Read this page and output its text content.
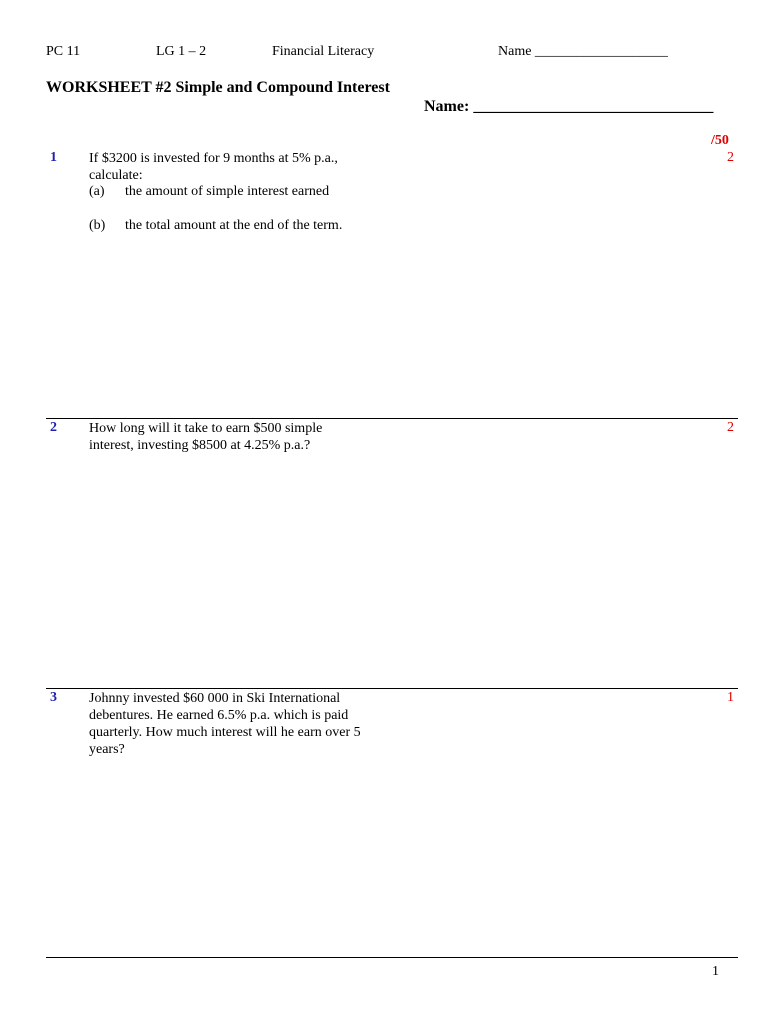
PC 11	LG 1 – 2	Financial Literacy	Name ___________________
WORKSHEET #2 Simple and Compound Interest
Name: ______________________________
/50
1 If $3200 is invested for 9 months at 5% p.a., calculate:
2
(a) the amount of simple interest earned
(b) the total amount at the end of the term.
2 How long will it take to earn $500 simple interest, investing $8500 at 4.25% p.a.?
2
3 Johnny invested $60 000 in Ski International debentures. He earned 6.5% p.a. which is paid quarterly. How much interest will he earn over 5 years?
1
1
